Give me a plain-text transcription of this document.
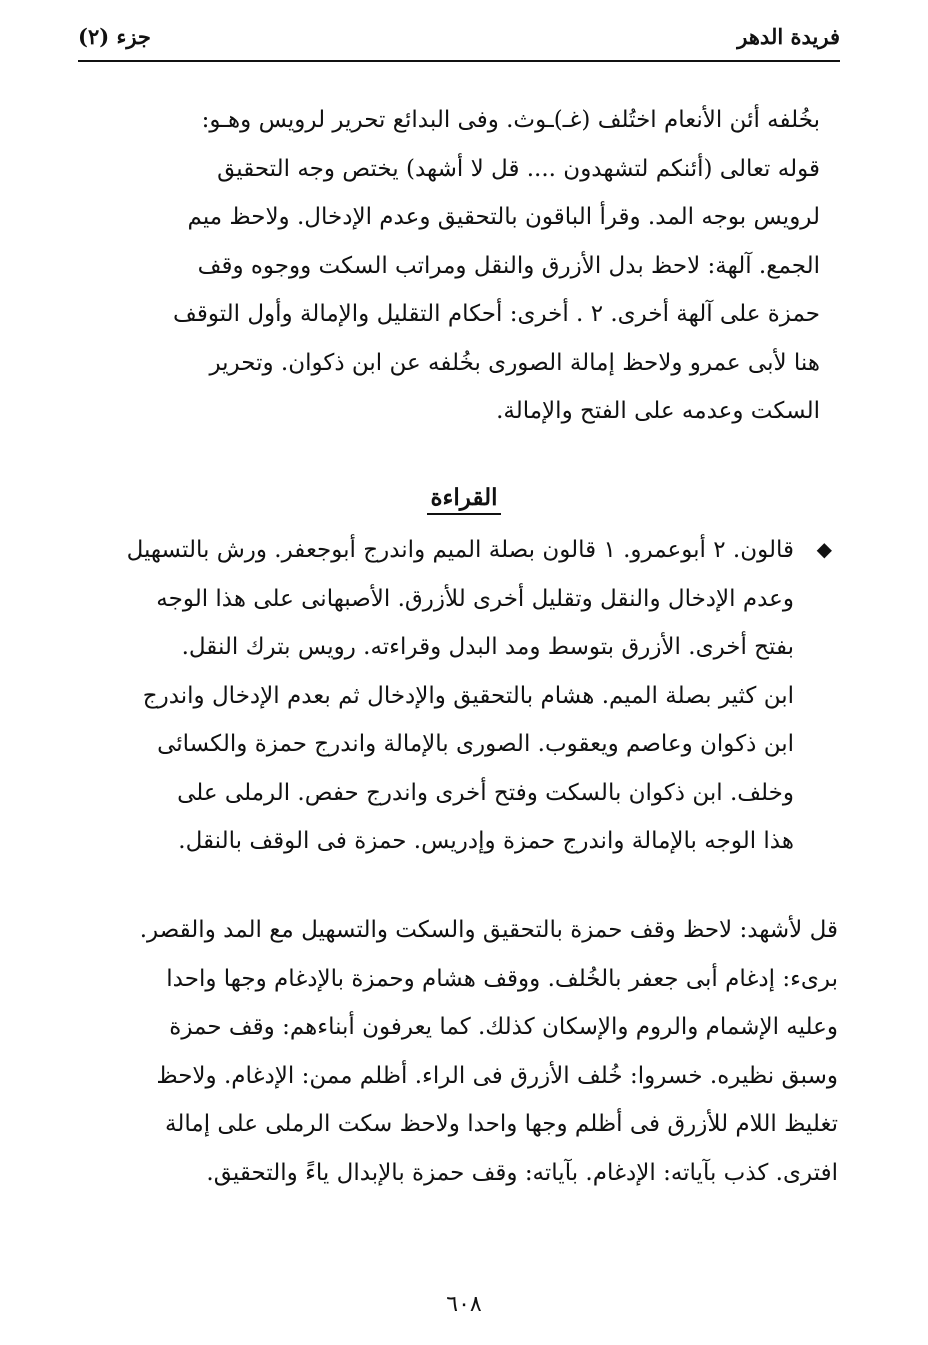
فريدة الدهر
جزء (٢)
بخُلفه أئن الأنعام اختُلف (غـ)ـوث. وفى البدائع تحرير لرويس وهـو:
قوله تعالى (أئنكم لتشهدون .... قل لا أشهد) يختص وجه التحقيق
لرويس بوجه المد. وقرأ الباقون بالتحقيق وعدم الإدخال. ولاحظ ميم
الجمع. آلهة: لاحظ بدل الأزرق والنقل ومراتب السكت ووجوه وقف
حمزة على آلهة أخرى. ٢ . أخرى: أحكام التقليل والإمالة وأول التوقف
هنا لأبى عمرو ولاحظ إمالة الصورى بخُلفه عن ابن ذكوان. وتحرير
السكت وعدمه على الفتح والإمالة.
القراءة
◆
قالون. ٢ أبوعمرو. ١ قالون بصلة الميم واندرج أبوجعفر. ورش بالتسهيل
وعدم الإدخال والنقل وتقليل أخرى للأزرق. الأصبهانى على هذا الوجه
بفتح أخرى. الأزرق بتوسط ومد البدل وقراءته. رويس بترك النقل.
ابن كثير بصلة الميم. هشام بالتحقيق والإدخال ثم بعدم الإدخال واندرج
ابن ذكوان وعاصم ويعقوب. الصورى بالإمالة واندرج حمزة والكسائى
وخلف. ابن ذكوان بالسكت وفتح أخرى واندرج حفص. الرملى على
هذا الوجه بالإمالة واندرج حمزة وإدريس. حمزة فى الوقف بالنقل.
قل لأشهد: لاحظ وقف حمزة بالتحقيق والسكت والتسهيل مع المد والقصر.
برىء: إدغام أبى جعفر بالخُلف. ووقف هشام وحمزة بالإدغام وجها واحدا
وعليه الإشمام والروم والإسكان كذلك. كما يعرفون أبناءهم: وقف حمزة
وسبق نظيره. خسروا: خُلف الأزرق فى الراء. أظلم ممن: الإدغام. ولاحظ
تغليظ اللام للأزرق فى أظلم وجها واحدا ولاحظ سكت الرملى على إمالة
افترى. كذب بآياته: الإدغام. بآياته: وقف حمزة بالإبدال ياءً والتحقيق.
٦٠٨
